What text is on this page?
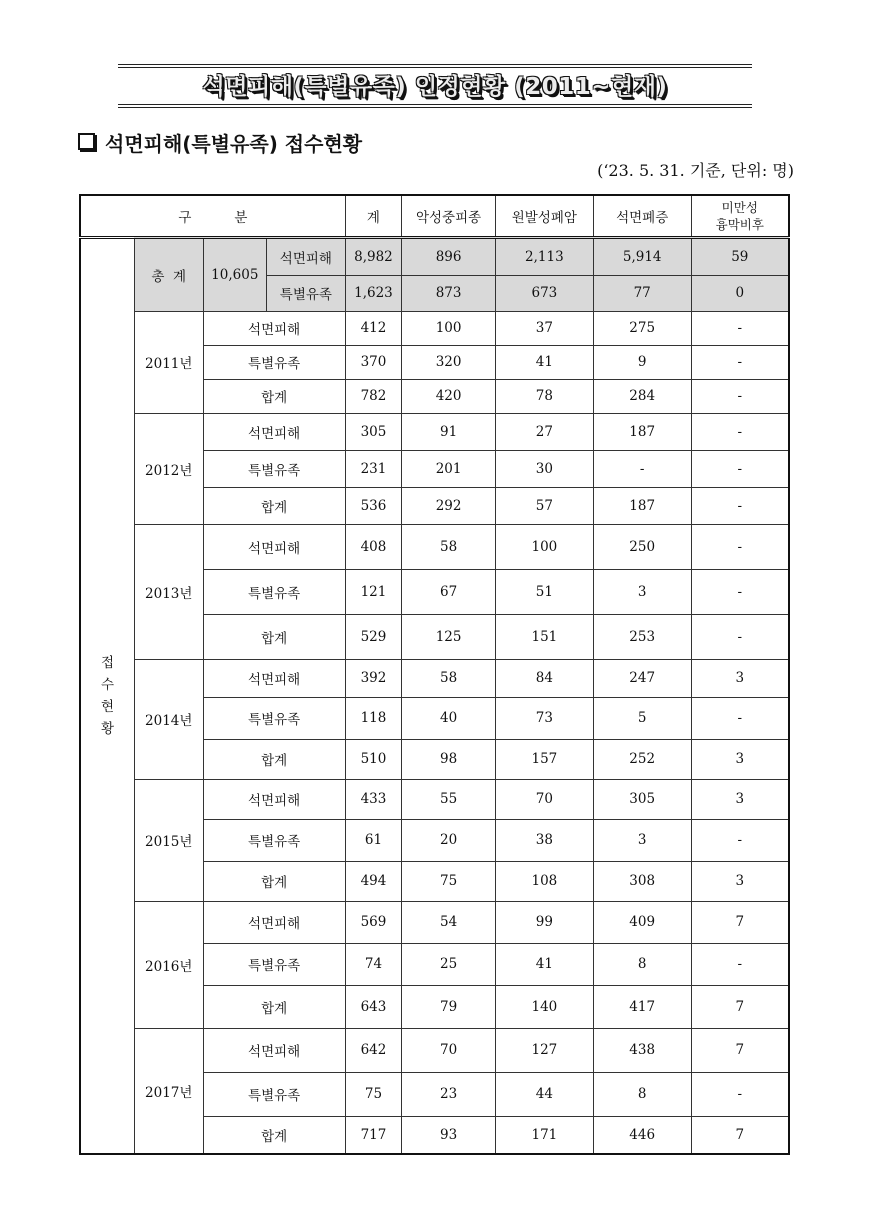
석면피해(특별유족) 인정현황 (2011~현재)
석면피해(특별유족) 접수현황
(‘23. 5. 31. 기준, 단위: 명)
구          분				계	악성중피종	원발성폐암	석면폐증	미만성
흉막비후
접
수
현
황	총  계	10,605	석면피해	8,982	896	2,113	5,914	59
			특별유족	1,623	873	673	77	0
	2011년	석면피해		412	100	37	275	-
		특별유족		370	320	41	9	-
		합계		782	420	78	284	-
	2012년	석면피해		305	91	27	187	-
		특별유족		231	201	30	-	-
		합계		536	292	57	187	-
	2013년	석면피해		408	58	100	250	-
		특별유족		121	67	51	3	-
		합계		529	125	151	253	-
	2014년	석면피해		392	58	84	247	3
		특별유족		118	40	73	5	-
		합계		510	98	157	252	3
	2015년	석면피해		433	55	70	305	3
		특별유족		61	20	38	3	-
		합계		494	75	108	308	3
	2016년	석면피해		569	54	99	409	7
		특별유족		74	25	41	8	-
		합계		643	79	140	417	7
	2017년	석면피해		642	70	127	438	7
		특별유족		75	23	44	8	-
		합계		717	93	171	446	7
